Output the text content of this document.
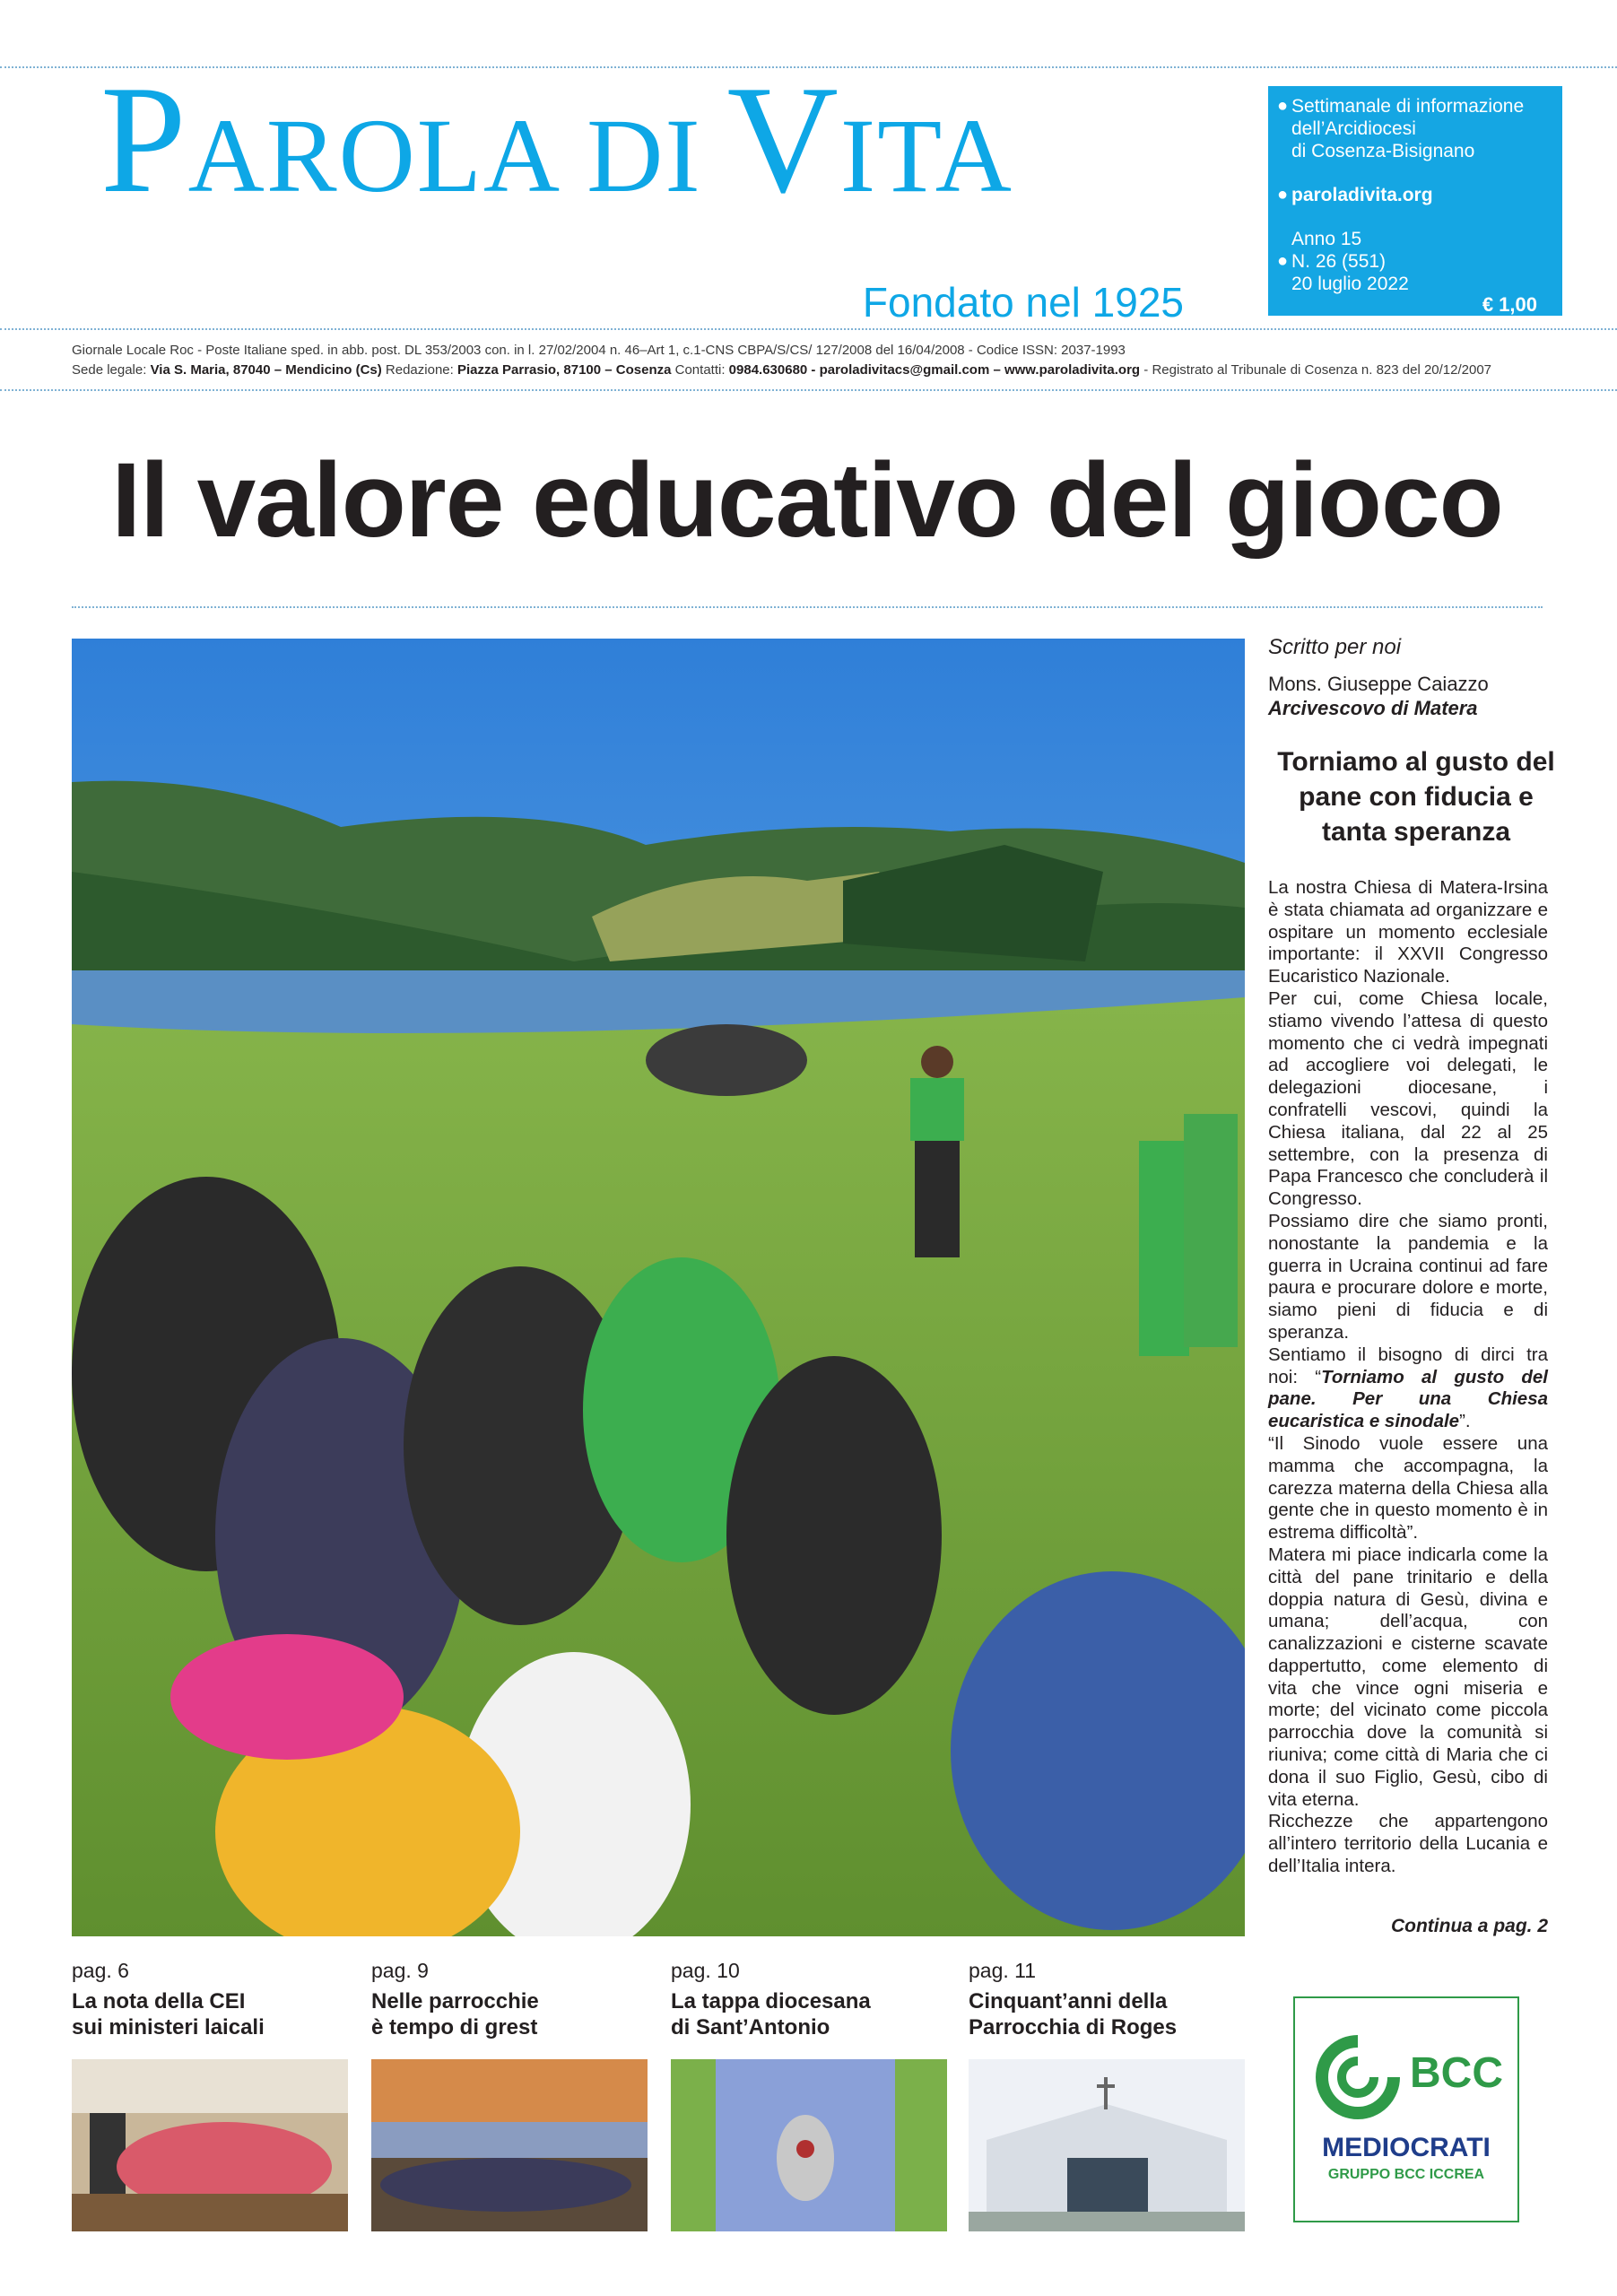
PAROLA DI VITA
Fondato nel 1925
● Settimanale di informazione
dell’Arcidiocesi
di Cosenza-Bisignano
● paroladivita.org
Anno 15
● N. 26 (551)
20 luglio 2022
€ 1,00
Giornale Locale Roc - Poste Italiane sped. in abb. post. DL 353/2003 con. in l. 27/02/2004 n. 46–Art 1, c.1-CNS CBPA/S/CS/ 127/2008 del 16/04/2008 - Codice ISSN: 2037-1993
Sede legale: Via S. Maria, 87040 – Mendicino (Cs) Redazione: Piazza Parrasio, 87100 – Cosenza Contatti: 0984.630680 - paroladivitacs@gmail.com – www.paroladivita.org - Registrato al Tribunale di Cosenza n. 823 del 20/12/2007
Il valore educativo del gioco
Scritto per noi
Mons. Giuseppe Caiazzo
Arcivescovo di Matera
Torniamo al gusto del pane con fiducia e tanta speranza

La nostra Chiesa di Matera-Irsina è stata chiamata ad organizzare e ospitare un momento ecclesiale importante: il XXVII Congresso Eucaristico Nazionale.

Per cui, come Chiesa locale, stiamo vivendo l’attesa di questo momento che ci vedrà impegnati ad accogliere voi delegati, le delegazioni diocesane, i confratelli vescovi, quindi la Chiesa italiana, dal 22 al 25 settembre, con la presenza di Papa Francesco che concluderà il Congresso.

Possiamo dire che siamo pronti, nonostante la pandemia e la guerra in Ucraina continui ad fare paura e procurare dolore e morte, siamo pieni di fiducia e di speranza.

Sentiamo il bisogno di dirci tra noi: “Torniamo al gusto del pane. Per una Chiesa eucaristica e sinodale”.

“Il Sinodo vuole essere una mamma che accompagna, la carezza materna della Chiesa alla gente che in questo momento è in estrema difficoltà”.

Matera mi piace indicarla come la città del pane trinitario e della doppia natura di Gesù, divina e umana; dell’acqua, con canalizzazioni e cisterne scavate dappertutto, come elemento di vita che vince ogni miseria e morte; del vicinato come piccola parrocchia dove la comunità si riuniva; come città di Maria che ci dona il suo Figlio, Gesù, cibo di vita eterna.

Ricchezze che appartengono all’intero territorio della Lucania e dell’Italia intera.

Continua a pag. 2
pag. 6
La nota della CEI
sui ministeri laicali
pag. 9
Nelle parrocchie
è tempo di grest
pag. 10
La tappa diocesana
di Sant’Antonio
pag. 11
Cinquant’anni della
Parrocchia di Roges
BCC
MEDIOCRATI
GRUPPO BCC ICCREA
